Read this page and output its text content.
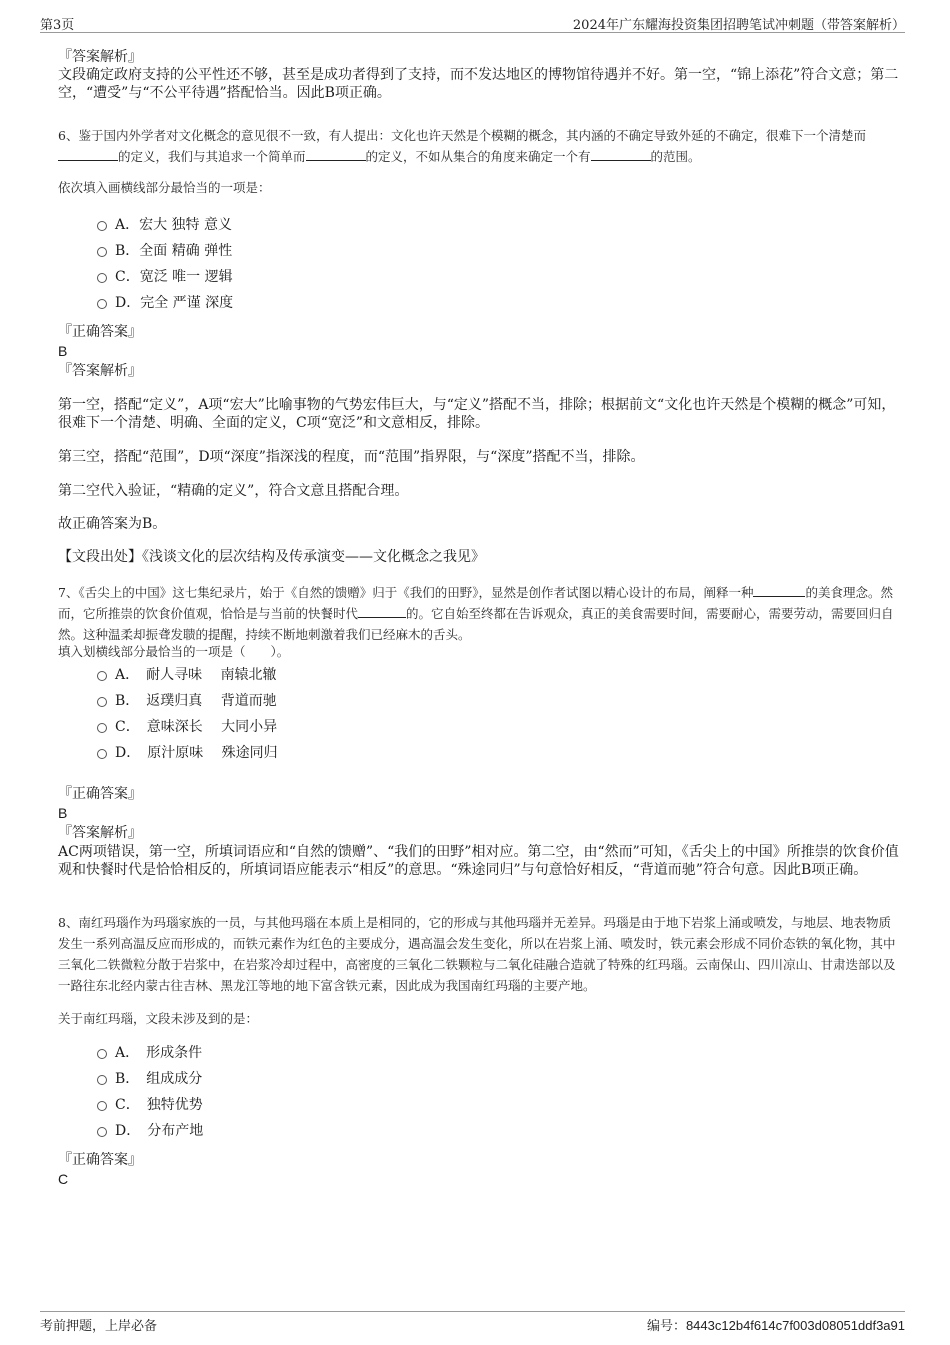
第3页	2024年广东耀海投资集团招聘笔试冲刺题（带答案解析）
『答案解析』

文段确定政府支持的公平性还不够，甚至是成功者得到了支持，而不发达地区的博物馆待遇并不好。第一空，“锦上添花”符合文意；第二空，“遭受”与“不公平待遇”搭配恰当。因此B项正确。

6、鉴于国内外学者对文化概念的意见很不一致，有人提出：文化也许天然是个模糊的概念，其内涵的不确定导致外延的不确定，很难下一个清楚而的定义，我们与其追求一个简单而	的定义，不如从集合的角度来确定一个有	的范围。

依次填入画横线部分最恰当的一项是：

A．宏大 独特 意义
B．全面 精确 弹性
C．宽泛 唯一 逻辑
D．完全 严谨 深度
『正确答案』
B
『答案解析』

第一空，搭配“定义”，A项“宏大”比喻事物的气势宏伟巨大，与“定义”搭配不当，排除；根据前文“文化也许天然是个模糊的概念”可知，很难下一个清楚、明确、全面的定义，C项“宽泛”和文意相反，排除。

第三空，搭配“范围”，D项“深度”指深浅的程度，而“范围”指界限，与“深度”搭配不当，排除。

第二空代入验证，“精确的定义”，符合文意且搭配合理。

故正确答案为B。

【文段出处】《浅谈文化的层次结构及传承演变——文化概念之我见》

7、《舌尖上的中国》这七集纪录片，始于《自然的馈赠》归于《我们的田野》，显然是创作者试图以精心设计的布局，阐释一种	的美食理念。然而，它所推崇的饮食价值观，恰恰是与当前的快餐时代	的。它自始至终都在告诉观众，真正的美食需要时间，需要耐心，需要劳动，需要回归自然。这种温柔却振聋发聩的提醒，持续不断地刺激着我们已经麻木的舌头。

填入划横线部分最恰当的一项是（　　）。

A．　耐人寻味　 南辕北辙
B．　返璞归真　 背道而驰
C．　意味深长　 大同小异
D．　原汁原味　 殊途同归
『正确答案』
B
『答案解析』

AC两项错误，第一空，所填词语应和“自然的馈赠”、“我们的田野”相对应。第二空，由“然而”可知，《舌尖上的中国》所推崇的饮食价值观和快餐时代是恰恰相反的，所填词语应能表示“相反”的意思。“殊途同归”与句意恰好相反，“背道而驰”符合句意。因此B项正确。

8、南红玛瑙作为玛瑙家族的一员，与其他玛瑙在本质上是相同的，它的形成与其他玛瑙并无差异。玛瑙是由于地下岩浆上涌或喷发，与地层、地表物质发生一系列高温反应而形成的，而铁元素作为红色的主要成分，遇高温会发生变化，所以在岩浆上涌、喷发时，铁元素会形成不同价态铁的氧化物，其中三氧化二铁微粒分散于岩浆中，在岩浆冷却过程中，高密度的三氧化二铁颗粒与二氧化硅融合造就了特殊的红玛瑙。云南保山、四川凉山、甘肃迭部以及一路往东北经内蒙古往吉林、黑龙江等地的地下富含铁元素，因此成为我国南红玛瑙的主要产地。

关于南红玛瑙，文段未涉及到的是：

A．　形成条件
B．　组成成分
C．　独特优势
D．　分布产地
『正确答案』
C
考前押题，上岸必备	编号：8443c12b4f614c7f003d08051ddf3a91
